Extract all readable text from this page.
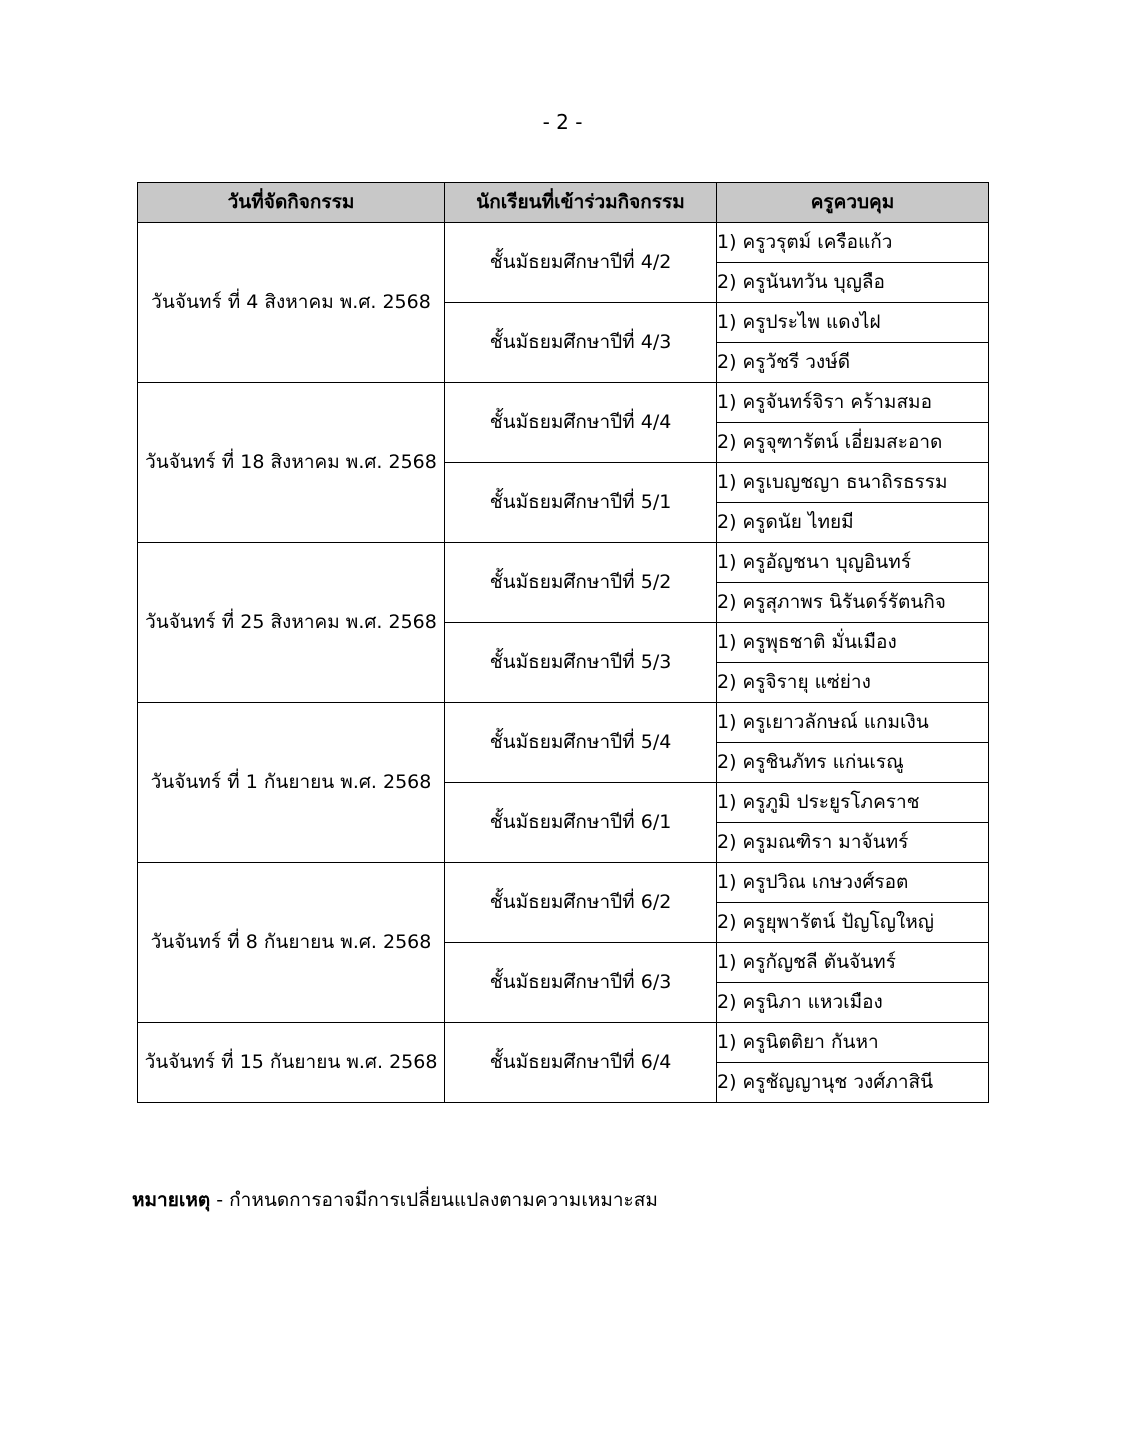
- 2 -
วันที่จัดกิจกรรม	นักเรียนที่เข้าร่วมกิจกรรม	ครูควบคุม
วันจันทร์ ที่ 4 สิงหาคม พ.ศ. 2568	ชั้นมัธยมศึกษาปีที่ 4/2	1) ครูวรุตม์ เครือแก้ว
		2) ครูนันทวัน บุญลือ
	ชั้นมัธยมศึกษาปีที่ 4/3	1) ครูประไพ แดงไฝ
		2) ครูวัชรี วงษ์ดี
วันจันทร์ ที่ 18 สิงหาคม พ.ศ. 2568	ชั้นมัธยมศึกษาปีที่ 4/4	1) ครูจันทร์จิรา คร้ามสมอ
		2) ครูจุฑารัตน์ เอี่ยมสะอาด
	ชั้นมัธยมศึกษาปีที่ 5/1	1) ครูเบญชญา ธนาถิรธรรม
		2) ครูดนัย ไทยมี
วันจันทร์ ที่ 25 สิงหาคม พ.ศ. 2568	ชั้นมัธยมศึกษาปีที่ 5/2	1) ครูอัญชนา บุญอินทร์
		2) ครูสุภาพร นิรันดร์รัตนกิจ
	ชั้นมัธยมศึกษาปีที่ 5/3	1) ครูพุธชาติ มั่นเมือง
		2) ครูจิรายุ แซ่ย่าง
วันจันทร์ ที่ 1 กันยายน พ.ศ. 2568	ชั้นมัธยมศึกษาปีที่ 5/4	1) ครูเยาวลักษณ์ แกมเงิน
		2) ครูชินภัทร แก่นเรณู
	ชั้นมัธยมศึกษาปีที่ 6/1	1) ครูภูมิ ประยูรโภคราช
		2) ครูมณฑิรา มาจันทร์
วันจันทร์ ที่ 8 กันยายน พ.ศ. 2568	ชั้นมัธยมศึกษาปีที่ 6/2	1) ครูปวิณ เกษวงศ์รอต
		2) ครูยุพารัตน์ ปัญโญใหญ่
	ชั้นมัธยมศึกษาปีที่ 6/3	1) ครูกัญชลี ตันจันทร์
		2) ครูนิภา แหวเมือง
วันจันทร์ ที่ 15 กันยายน พ.ศ. 2568	ชั้นมัธยมศึกษาปีที่ 6/4	1) ครูนิตติยา กันหา
		2) ครูชัญญานุช วงศ์ภาสินี
หมายเหตุ - กำหนดการอาจมีการเปลี่ยนแปลงตามความเหมาะสม
